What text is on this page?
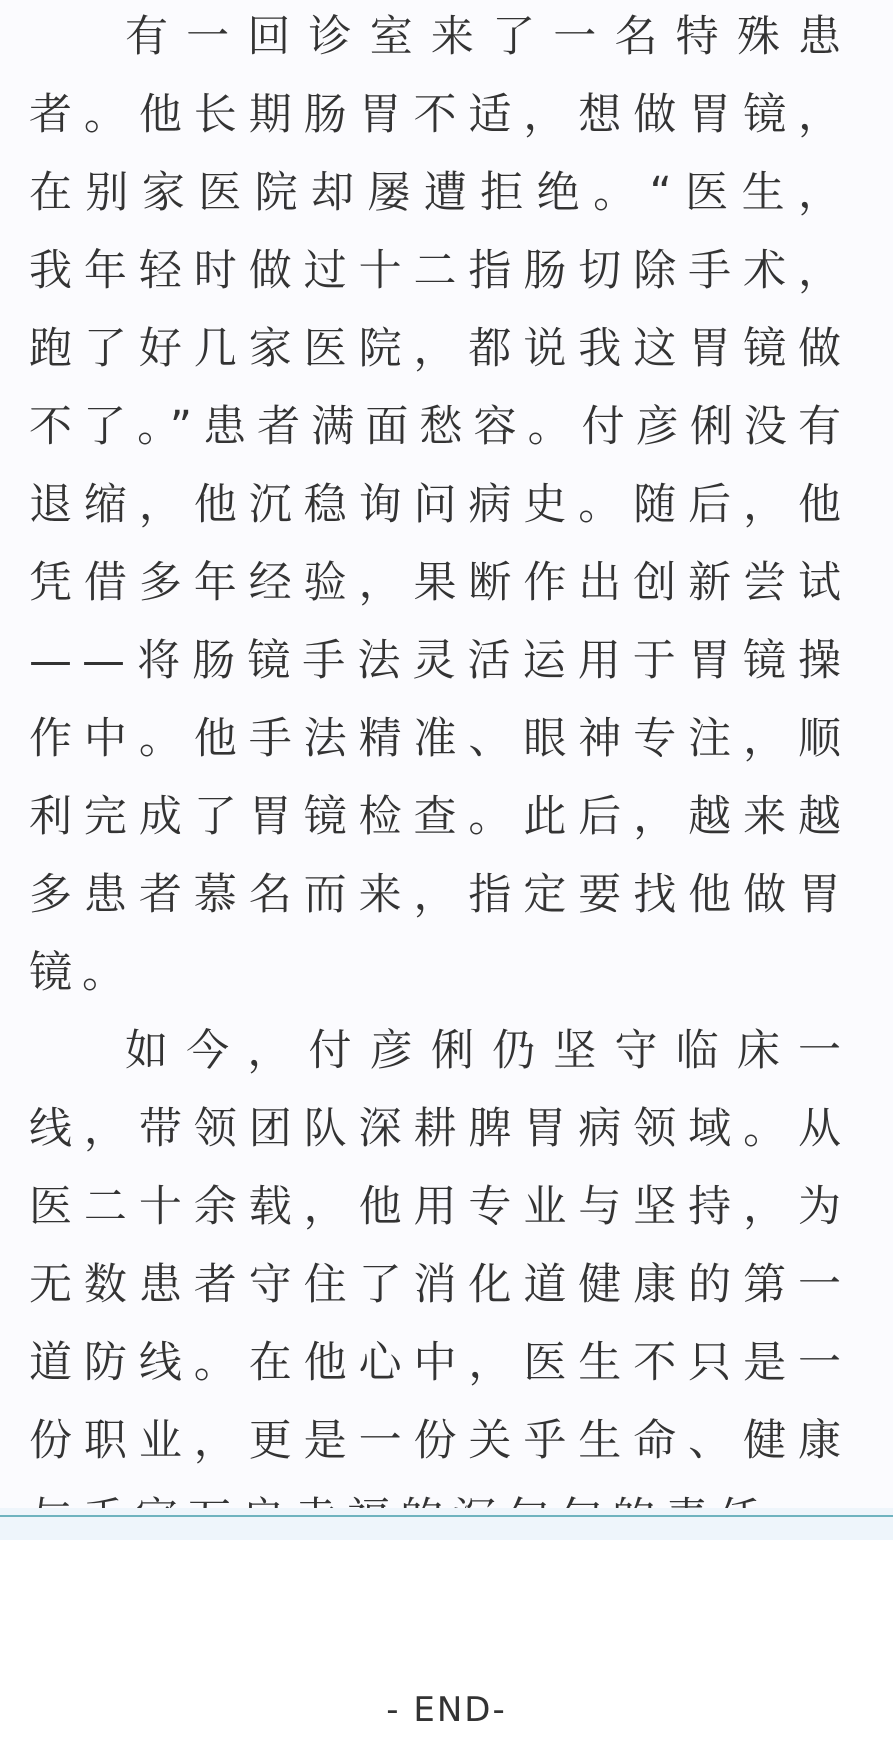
有一回诊室来了一名特殊患者。他长期肠胃不适，想做胃镜，在别家医院却屡遭拒绝。“医生，我年轻时做过十二指肠切除手术，跑了好几家医院，都说我这胃镜做不了。”患者满面愁容。付彦俐没有退缩，他沉稳询问病史。随后，他凭借多年经验，果断作出创新尝试——将肠镜手法灵活运用于胃镜操作中。他手法精准、眼神专注，顺利完成了胃镜检查。此后，越来越多患者慕名而来，指定要找他做胃镜。

如今，付彦俐仍坚守临床一线，带领团队深耕脾胃病领域。从医二十余载，他用专业与坚持，为无数患者守住了消化道健康的第一道防线。在他心中，医生不只是一份职业，更是一份关乎生命、健康

- END-
